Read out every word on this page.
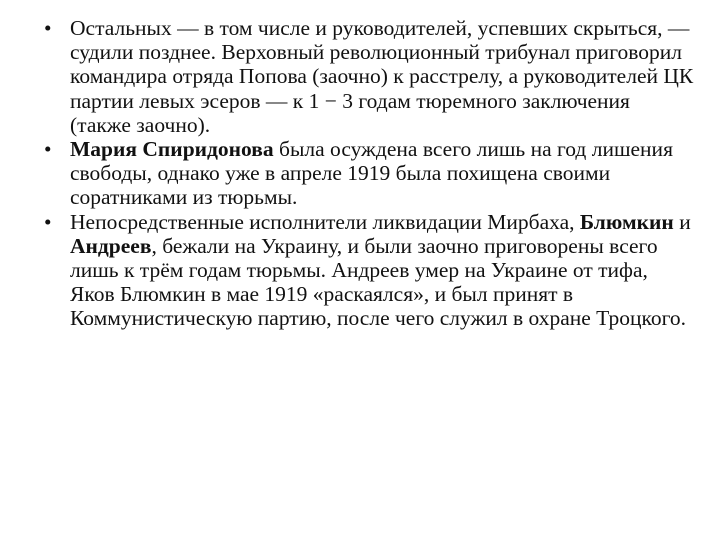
• Остальных — в том числе и руководителей, успевших скрыться, — судили позднее. Верховный революционный трибунал приговорил командира отряда Попова (заочно) к расстрелу, а руководителей ЦК партии левых эсеров — к 1 − 3 годам тюремного заключения (также заочно).
• Мария Спиридонова была осуждена всего лишь на год лишения свободы, однако уже в апреле 1919 была похищена своими соратниками из тюрьмы.
• Непосредственные исполнители ликвидации Мирбаха, Блюмкин и Андреев, бежали на Украину, и были заочно приговорены всего лишь к трём годам тюрьмы. Андреев умер на Украине от тифа, Яков Блюмкин в мае 1919 «раскаялся», и был принят в Коммунистическую партию, после чего служил в охране Троцкого.
